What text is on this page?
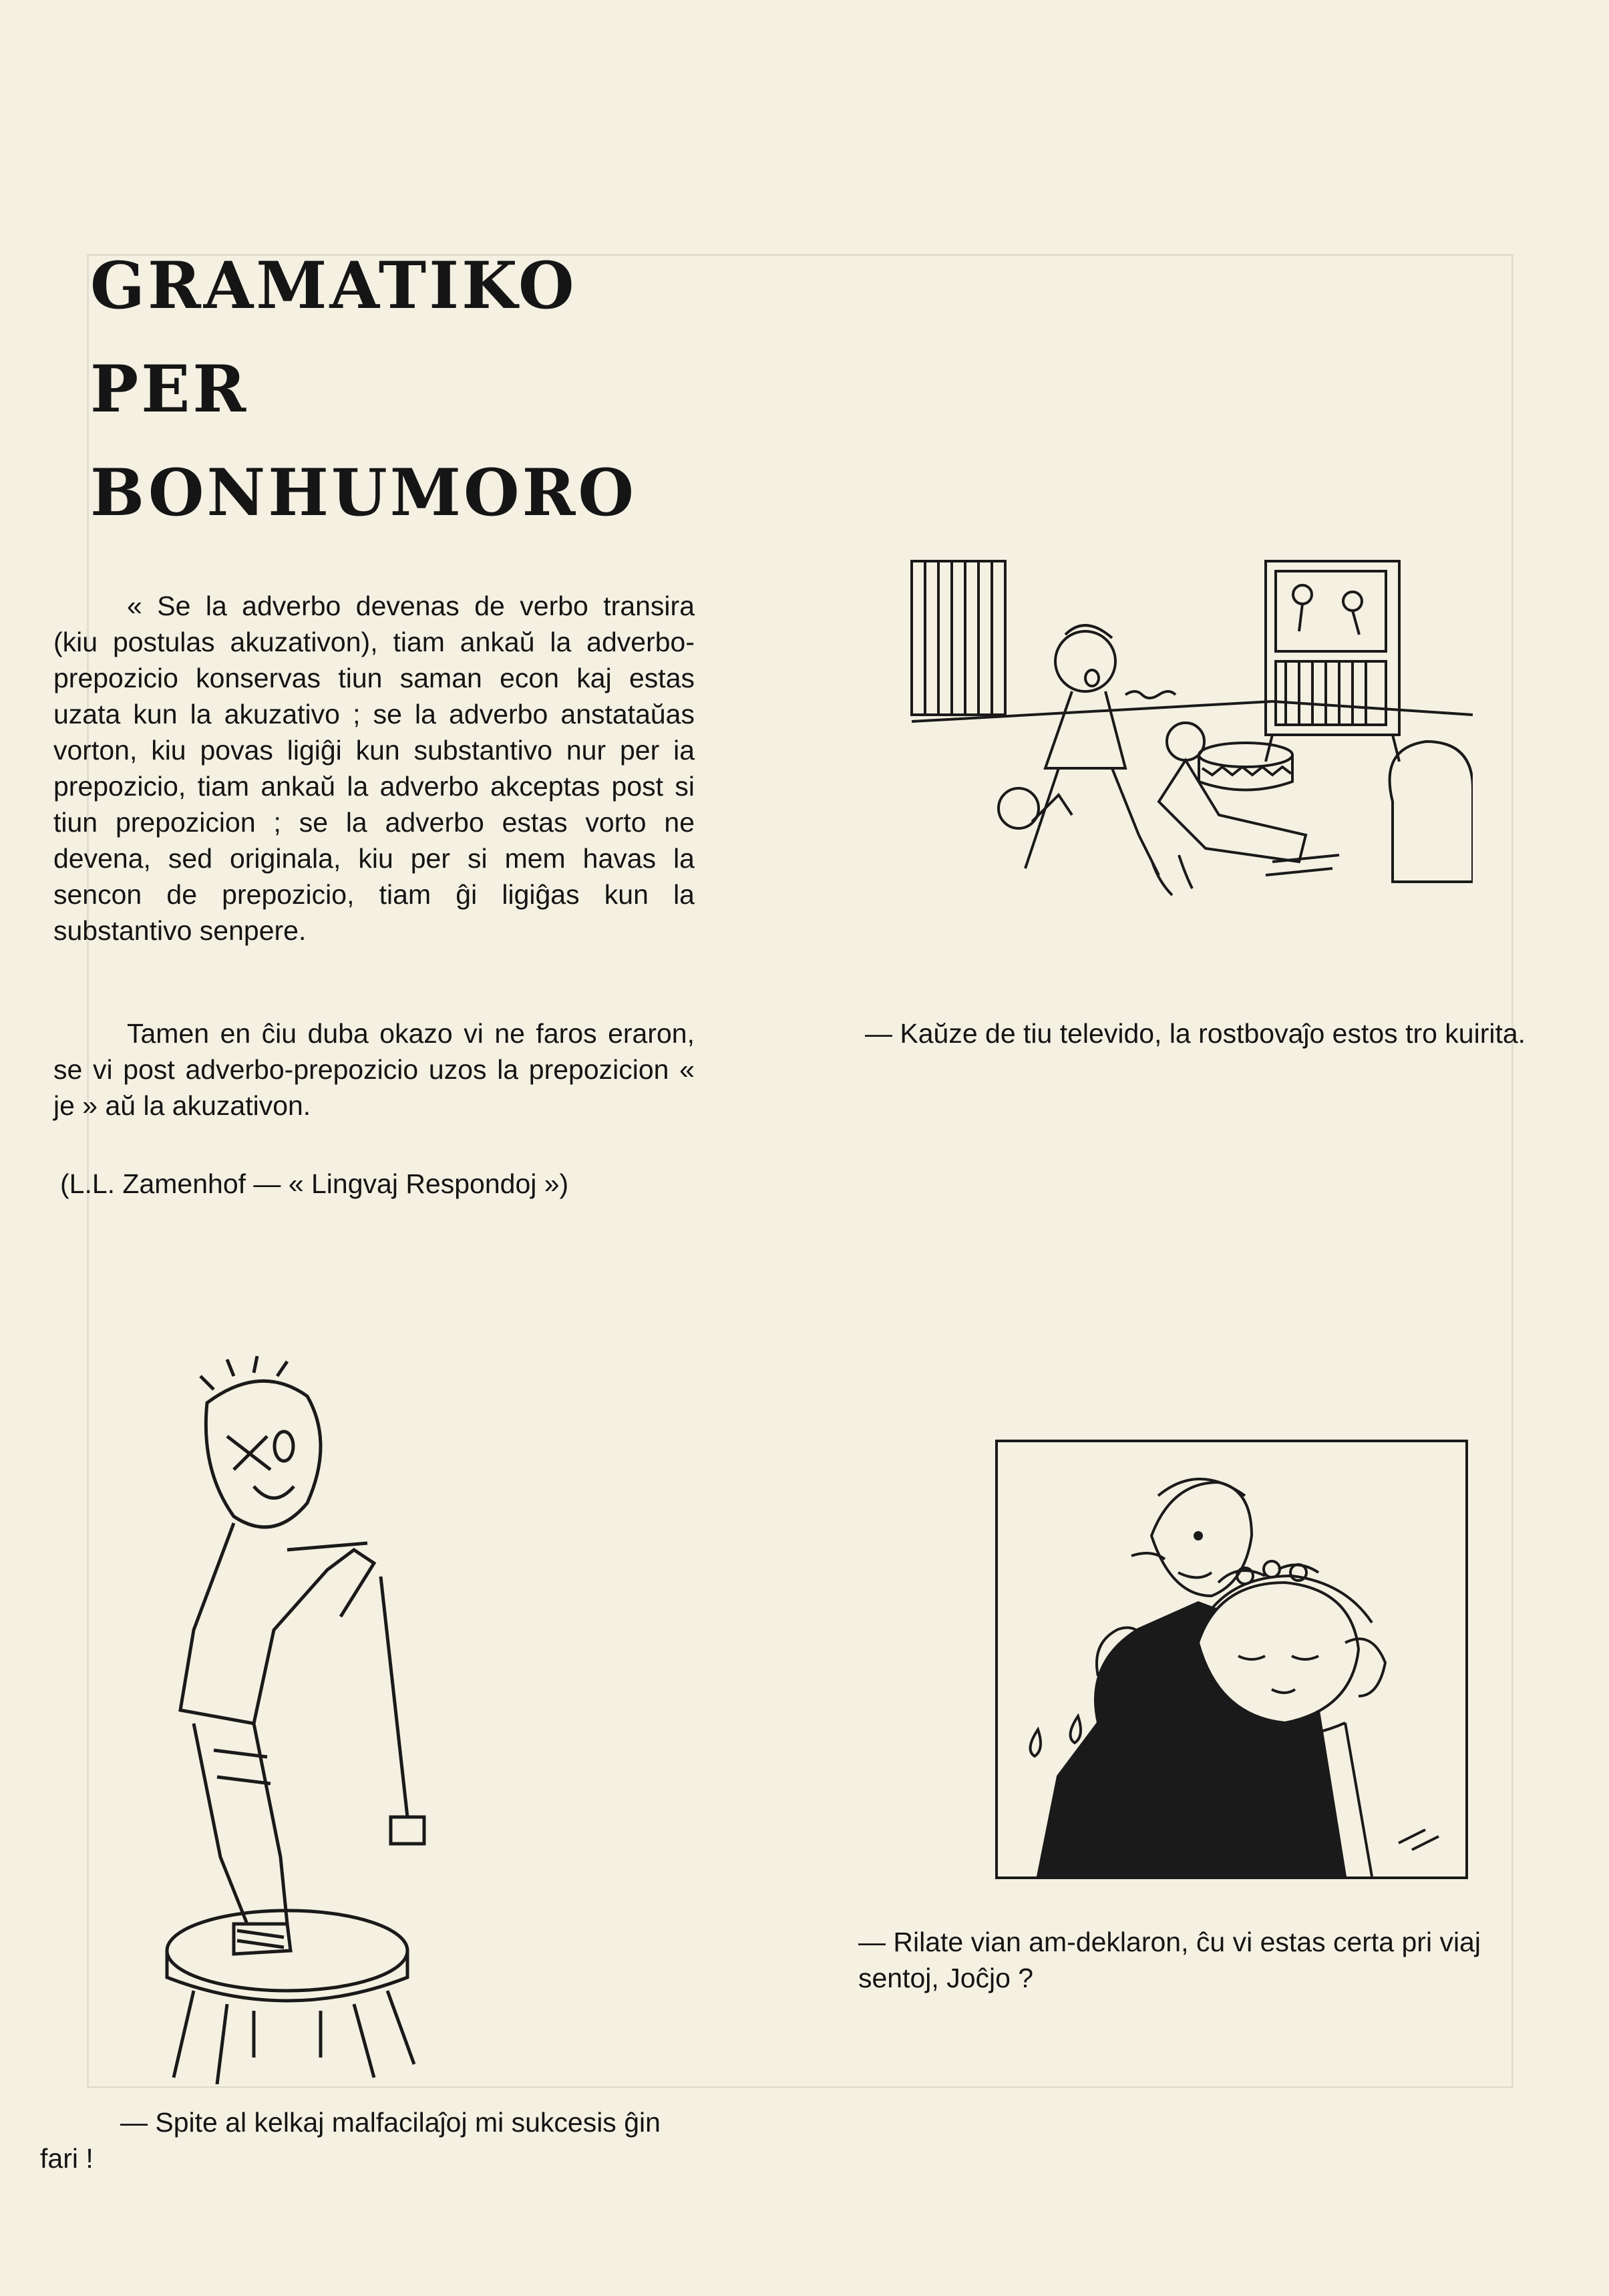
GRAMATIKO
PER
BONHUMORO

« Se la adverbo devenas de verbo transira (kiu postulas akuzativon), tiam ankaŭ la adverbo-prepozicio konservas tiun saman econ kaj estas uzata kun la akuzativo ; se la adverbo anstataŭas vorton, kiu povas ligiĝi kun substantivo nur per ia prepozicio, tiam ankaŭ la adverbo akceptas post si tiun prepozicion ; se la adverbo estas vorto ne devena, sed originala, kiu per si mem havas la sencon de prepozicio, tiam ĝi ligiĝas kun la substantivo senpere.

Tamen en ĉiu duba okazo vi ne faros eraron, se vi post adverbo-prepozicio uzos la prepozicion « je » aŭ la akuzativon.

(L.L. Zamenhof — « Lingvaj Respondoj »)

— Kaŭze de tiu televido, la rostbovaĵo estos tro kuirita.

— Spite al kelkaj malfacilaĵoj mi sukcesis ĝin fari !

— Rilate vian am-deklaron, ĉu vi estas certa pri viaj sentoj, Joĉjo ?
